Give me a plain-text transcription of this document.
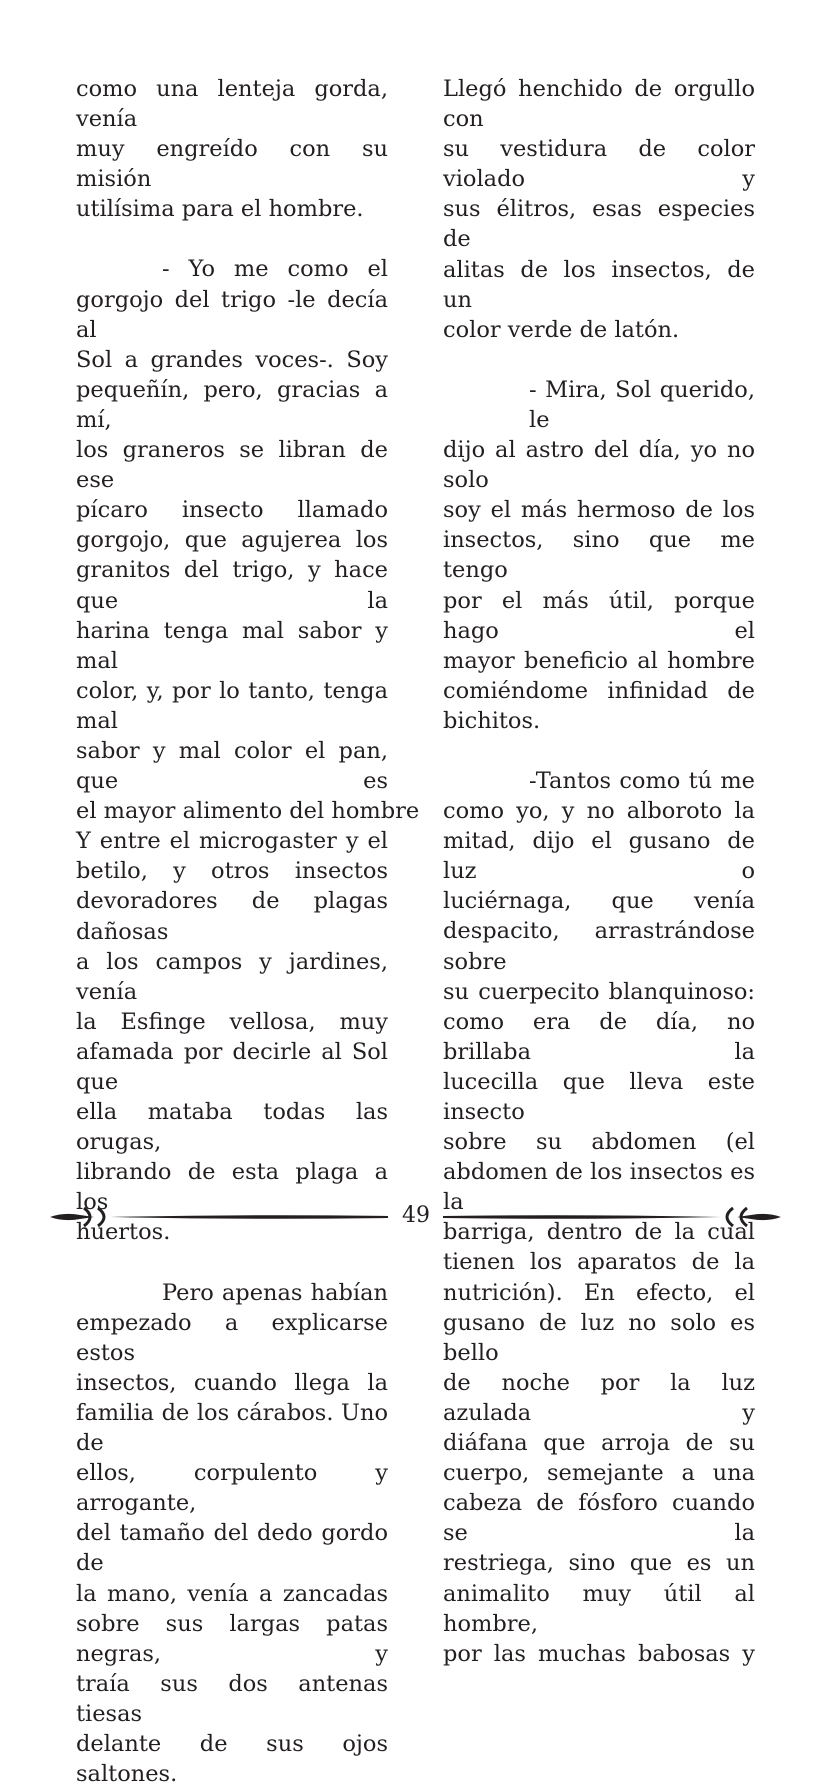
como una lenteja gorda, venía
muy engreído con su misión
utilísima para el hombre.
- Yo me como el
gorgojo del trigo -le decía al
Sol a grandes voces-. Soy
pequeñín, pero, gracias a mí,
los graneros se libran de ese
pícaro insecto llamado
gorgojo, que agujerea los
granitos del trigo, y hace que la
harina tenga mal sabor y mal
color, y, por lo tanto, tenga mal
sabor y mal color el pan, que es
el mayor alimento del hombre
Y entre el microgaster y el
betilo, y otros insectos
devoradores de plagas dañosas
a los campos y jardines, venía
la Esfinge vellosa, muy
afamada por decirle al Sol que
ella mataba todas las orugas,
librando de esta plaga a los
huertos.
Pero apenas habían
empezado a explicarse estos
insectos, cuando llega la
familia de los cárabos. Uno de
ellos, corpulento y arrogante,
del tamaño del dedo gordo de
la mano, venía a zancadas
sobre sus largas patas negras, y
traía sus dos antenas tiesas
delante de sus ojos saltones.
Llegó henchido de orgullo con
su vestidura de color violado y
sus élitros, esas especies de
alitas de los insectos, de un
color verde de latón.
- Mira, Sol querido, le
dijo al astro del día, yo no solo
soy el más hermoso de los
insectos, sino que me tengo
por el más útil, porque hago el
mayor beneficio al hombre
comiéndome infinidad de
bichitos.
-Tantos como tú me
como yo, y no alboroto la
mitad, dijo el gusano de luz o
luciérnaga, que venía
despacito, arrastrándose sobre
su cuerpecito blanquinoso:
como era de día, no brillaba la
lucecilla que lleva este insecto
sobre su abdomen (el
abdomen de los insectos es la
barriga, dentro de la cual
tienen los aparatos de la
nutrición). En efecto, el
gusano de luz no solo es bello
de noche por la luz azulada y
diáfana que arroja de su
cuerpo, semejante a una
cabeza de fósforo cuando se la
restriega, sino que es un
animalito muy útil al hombre,
por las muchas babosas y
49
